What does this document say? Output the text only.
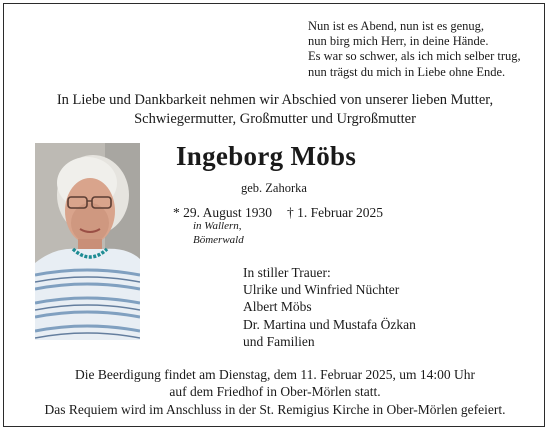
Nun ist es Abend, nun ist es genug,
nun birg mich Herr, in deine Hände.
Es war so schwer, als ich mich selber trug,
nun trägst du mich in Liebe ohne Ende.
In Liebe und Dankbarkeit nehmen wir Abschied von unserer lieben Mutter,
Schwiegermutter, Großmutter und Urgroßmutter
Ingeborg Möbs
geb. Zahorka
* 29. August 1930 † 1. Februar 2025
in Wallern,
Bömerwald
In stiller Trauer:
Ulrike und Winfried Nüchter
Albert Möbs
Dr. Martina und Mustafa Özkan
und Familien
Die Beerdigung findet am Dienstag, dem 11. Februar 2025, um 14:00 Uhr
auf dem Friedhof in Ober-Mörlen statt.
Das Requiem wird im Anschluss in der St. Remigius Kirche in Ober-Mörlen gefeiert.
